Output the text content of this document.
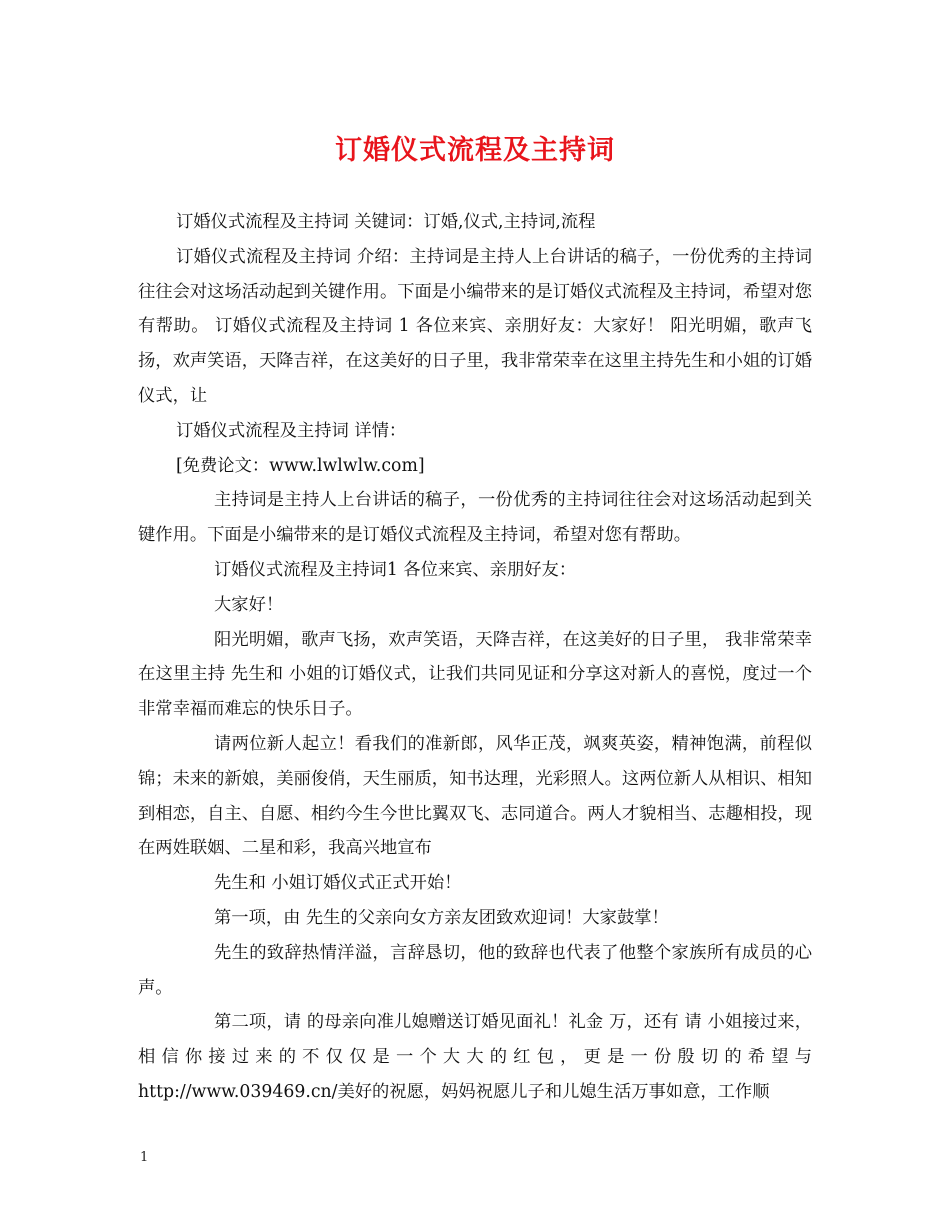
订婚仪式流程及主持词

订婚仪式流程及主持词 关键词：订婚,仪式,主持词,流程

订婚仪式流程及主持词 介绍：主持词是主持人上台讲话的稿子，一份优秀的主持词往往会对这场活动起到关键作用。下面是小编带来的是订婚仪式流程及主持词，希望对您有帮助。 订婚仪式流程及主持词 1 各位来宾、亲朋好友：大家好！ 阳光明媚，歌声飞扬，欢声笑语，天降吉祥，在这美好的日子里，我非常荣幸在这里主持先生和小姐的订婚仪式，让

订婚仪式流程及主持词 详情：

[免费论文：www.lwlwlw.com]

主持词是主持人上台讲话的稿子，一份优秀的主持词往往会对这场活动起到关键作用。下面是小编带来的是订婚仪式流程及主持词，希望对您有帮助。

订婚仪式流程及主持词1 各位来宾、亲朋好友：

大家好！

阳光明媚，歌声飞扬，欢声笑语，天降吉祥，在这美好的日子里， 我非常荣幸在这里主持 先生和 小姐的订婚仪式，让我们共同见证和分享这对新人的喜悦，度过一个非常幸福而难忘的快乐日子。

请两位新人起立！看我们的准新郎，风华正茂，飒爽英姿，精神饱满，前程似锦；未来的新娘，美丽俊俏，天生丽质，知书达理，光彩照人。这两位新人从相识、相知到相恋，自主、自愿、相约今生今世比翼双飞、志同道合。两人才貌相当、志趣相投，现在两姓联姻、二星和彩，我高兴地宣布

先生和 小姐订婚仪式正式开始！

第一项，由 先生的父亲向女方亲友团致欢迎词！大家鼓掌！

先生的致辞热情洋溢，言辞恳切，他的致辞也代表了他整个家族所有成员的心声。

第二项，请 的母亲向准儿媳赠送订婚见面礼！礼金 万，还有 请 小姐接过来，相信你接过来的不仅仅是一个大大的红包，更是一份殷切的希望与http://www.039469.cn/美好的祝愿，妈妈祝愿儿子和儿媳生活万事如意，工作顺

1
